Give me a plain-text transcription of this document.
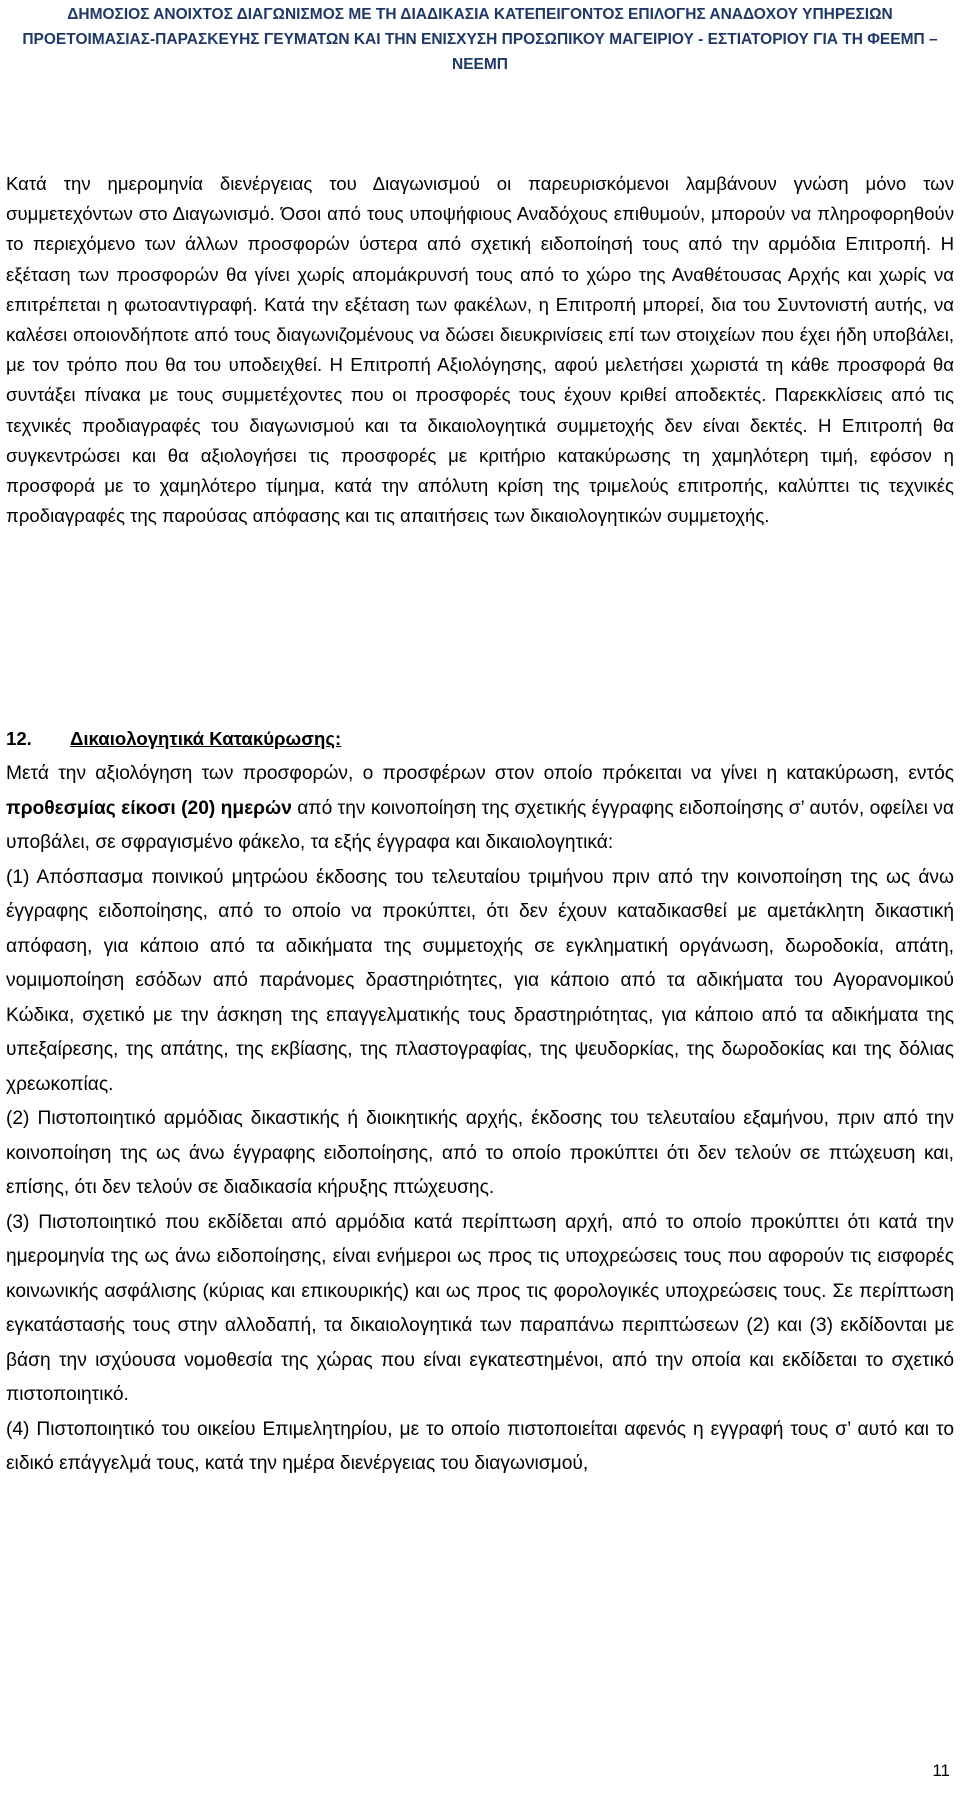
ΔΗΜΟΣΙΟΣ ΑΝΟΙΧΤΟΣ ΔΙΑΓΩΝΙΣΜΟΣ ΜΕ ΤΗ ΔΙΑΔΙΚΑΣΙΑ ΚΑΤΕΠΕΙΓΟΝΤΟΣ ΕΠΙΛΟΓΗΣ ΑΝΑΔΟΧΟΥ ΥΠΗΡΕΣΙΩΝ
ΠΡΟΕΤΟΙΜΑΣΙΑΣ-ΠΑΡΑΣΚΕΥΗΣ ΓΕΥΜΑΤΩΝ ΚΑΙ ΤΗΝ ΕΝΙΣΧΥΣΗ ΠΡΟΣΩΠΙΚΟΥ ΜΑΓΕΙΡΙΟΥ - ΕΣΤΙΑΤΟΡΙΟΥ ΓΙΑ ΤΗ ΦΕΕΜΠ –
ΝΕΕΜΠ
Κατά την ημερομηνία διενέργειας του Διαγωνισμού οι παρευρισκόμενοι λαμβάνουν γνώση μόνο των συμμετεχόντων στο Διαγωνισμό. Όσοι από τους υποψήφιους Αναδόχους επιθυμούν, μπορούν να πληροφορηθούν το περιεχόμενο των άλλων προσφορών ύστερα από σχετική ειδοποίησή τους από την αρμόδια Επιτροπή. Η εξέταση των προσφορών θα γίνει χωρίς απομάκρυνσή τους από το χώρο της Αναθέτουσας Αρχής και χωρίς να επιτρέπεται η φωτοαντιγραφή. Κατά την εξέταση των φακέλων, η Επιτροπή μπορεί, δια του Συντονιστή αυτής, να καλέσει οποιονδήποτε από τους διαγωνιζομένους να δώσει διευκρινίσεις επί των στοιχείων που έχει ήδη υποβάλει, με τον τρόπο που θα του υποδειχθεί. Η Επιτροπή Αξιολόγησης, αφού μελετήσει χωριστά τη κάθε προσφορά θα συντάξει πίνακα με τους συμμετέχοντες που οι προσφορές τους έχουν κριθεί αποδεκτές. Παρεκκλίσεις από τις τεχνικές προδιαγραφές του διαγωνισμού και τα δικαιολογητικά συμμετοχής δεν είναι δεκτές. Η Επιτροπή θα συγκεντρώσει και θα αξιολογήσει τις προσφορές με κριτήριο κατακύρωσης τη χαμηλότερη τιμή, εφόσον η προσφορά με το χαμηλότερο τίμημα, κατά την απόλυτη κρίση της τριμελούς επιτροπής, καλύπτει τις τεχνικές προδιαγραφές της παρούσας απόφασης και τις απαιτήσεις των δικαιολογητικών συμμετοχής.
12. Δικαιολογητικά Κατακύρωσης:

Μετά την αξιολόγηση των προσφορών, ο προσφέρων στον οποίο πρόκειται να γίνει η κατακύρωση, εντός προθεσμίας είκοσι (20) ημερών από την κοινοποίηση της σχετικής έγγραφης ειδοποίησης σ’ αυτόν, οφείλει να υποβάλει, σε σφραγισμένο φάκελο, τα εξής έγγραφα και δικαιολογητικά:

(1) Απόσπασμα ποινικού μητρώου έκδοσης του τελευταίου τριμήνου πριν από την κοινοποίηση της ως άνω έγγραφης ειδοποίησης, από το οποίο να προκύπτει, ότι δεν έχουν καταδικασθεί με αμετάκλητη δικαστική απόφαση, για κάποιο από τα αδικήματα της συμμετοχής σε εγκληματική οργάνωση, δωροδοκία, απάτη, νομιμοποίηση εσόδων από παράνομες δραστηριότητες, για κάποιο από τα αδικήματα του Αγορανομικού Κώδικα, σχετικό με την άσκηση της επαγγελματικής τους δραστηριότητας, για κάποιο από τα αδικήματα της υπεξαίρεσης, της απάτης, της εκβίασης, της πλαστογραφίας, της ψευδορκίας, της δωροδοκίας και της δόλιας χρεωκοπίας.

(2) Πιστοποιητικό αρμόδιας δικαστικής ή διοικητικής αρχής, έκδοσης του τελευταίου εξαμήνου, πριν από την κοινοποίηση της ως άνω έγγραφης ειδοποίησης, από το οποίο προκύπτει ότι δεν τελούν σε πτώχευση και, επίσης, ότι δεν τελούν σε διαδικασία κήρυξης πτώχευσης.

(3) Πιστοποιητικό που εκδίδεται από αρμόδια κατά περίπτωση αρχή, από το οποίο προκύπτει ότι κατά την ημερομηνία της ως άνω ειδοποίησης, είναι ενήμεροι ως προς τις υποχρεώσεις τους που αφορούν τις εισφορές κοινωνικής ασφάλισης (κύριας και επικουρικής) και ως προς τις φορολογικές υποχρεώσεις τους. Σε περίπτωση εγκατάστασής τους στην αλλοδαπή, τα δικαιολογητικά των παραπάνω περιπτώσεων (2) και (3) εκδίδονται με βάση την ισχύουσα νομοθεσία της χώρας που είναι εγκατεστημένοι, από την οποία και εκδίδεται το σχετικό πιστοποιητικό.

(4) Πιστοποιητικό του οικείου Επιμελητηρίου, με το οποίο πιστοποιείται αφενός η εγγραφή τους σ’ αυτό και το ειδικό επάγγελμά τους, κατά την ημέρα διενέργειας του διαγωνισμού,

11
